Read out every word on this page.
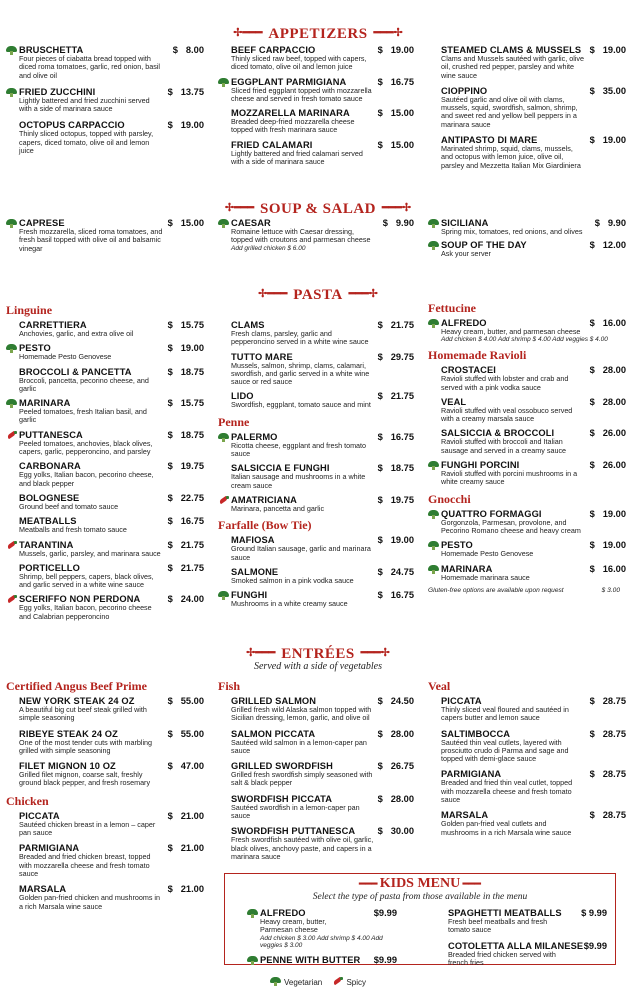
✢━━━ APPETIZERS ━━━✢
✢━━━ SOUP & SALAD ━━━✢
✢━━━ PASTA ━━━✢
✢━━━ ENTRÉES ━━━✢
Served with a side of vegetables
BRUSCHETTA	$ 8.00
Four pieces of ciabatta bread topped with diced roma tomatoes, garlic, red onion, basil and olive oil
FRIED ZUCCHINI	$ 13.75
Lightly battered and fried zucchini served with a side of marinara sauce
OCTOPUS CARPACCIO	$ 19.00
Thinly sliced octopus, topped with parsley, capers, diced tomato, olive oil and lemon juice
BEEF CARPACCIO	$ 19.00
Thinly sliced raw beef, topped with capers, diced tomato, olive oil and lemon juice
EGGPLANT PARMIGIANA	$ 16.75
Sliced fried eggplant topped with mozzarella cheese and served in fresh tomato sauce
MOZZARELLA MARINARA	$ 15.00
Breaded deep-fried mozzarella cheese topped with fresh marinara sauce
FRIED CALAMARI	$ 15.00
Lightly battered and fried calamari served with a side of marinara sauce
STEAMED CLAMS & MUSSELS $ 19.00
Clams and Mussels sautéed with garlic, olive oil, crushed red pepper, parsley and white wine sauce
CIOPPINO	$ 35.00
Sautéed garlic and olive oil with clams, mussels, squid, swordfish, salmon, shrimp, and sweet red and yellow bell peppers in a marinara sauce
ANTIPASTO DI MARE	$ 19.00
Marinated shrimp, squid, clams, mussels, and octopus with lemon juice, olive oil, parsley and Mezzetta Italian Mix Giardiniera
CAPRESE	$ 15.00
Fresh mozzarella, sliced roma tomatoes, and fresh basil topped with olive oil and balsamic vinegar
CAESAR	$ 9.90
Romaine lettuce with Caesar dressing, topped with croutons and parmesan cheese
Add grilled chicken $ 6.00
SICILIANA	$ 9.90
Spring mix, tomatoes, red onions, and olives
SOUP OF THE DAY	$ 12.00
Ask your server
Linguine
CARRETTIERA	$ 15.75
Anchovies, garlic, and extra olive oil
PESTO	$ 19.00
Homemade Pesto Genovese
BROCCOLI & PANCETTA	$ 18.75
Broccoli, pancetta, pecorino cheese, and garlic
MARINARA	$ 15.75
Peeled tomatoes, fresh Italian basil, and garlic
PUTTANESCA	$ 18.75
Peeled tomatoes, anchovies, black olives, capers, garlic, pepperoncino, and parsley
CARBONARA	$ 19.75
Egg yolks, Italian bacon, pecorino cheese, and black pepper
BOLOGNESE	$ 22.75
Ground beef and tomato sauce
MEATBALLS	$ 16.75
Meatballs and fresh tomato sauce
TARANTINA	$ 21.75
Mussels, garlic, parsley, and marinara sauce
PORTICELLO	$ 21.75
Shrimp, bell peppers, capers, black olives, and garlic served in a white wine sauce
SCERIFFO NON PERDONA	$ 24.00
Egg yolks, Italian bacon, pecorino cheese and Calabrian pepperoncino
CLAMS	$ 21.75
Fresh clams, parsley, garlic and pepperoncino served in a white wine sauce
TUTTO MARE	$ 29.75
Mussels, salmon, shrimp, clams, calamari, swordfish, and garlic served in a white wine sauce or red sauce
LIDO	$ 21.75
Swordfish, eggplant, tomato sauce and mint
Penne
PALERMO	$ 16.75
Ricotta cheese, eggplant and fresh tomato sauce
SALSICCIA E FUNGHI	$ 18.75
Italian sausage and mushrooms in a white cream sauce
AMATRICIANA	$ 19.75
Marinara, pancetta and garlic
Farfalle (Bow Tie)
MAFIOSA	$ 19.00
Ground Italian sausage, garlic and marinara sauce
SALMONE	$ 24.75
Smoked salmon in a pink vodka sauce
FUNGHI	$ 16.75
Mushrooms in a white creamy sauce
Fettucine
ALFREDO	$ 16.00
Heavy cream, butter, and parmesan cheese
Add chicken $ 4.00 Add shrimp $ 4.00 Add veggies $ 4.00
Homemade Ravioli
CROSTACEI	$ 28.00
Ravioli stuffed with lobster and crab and served with a pink vodka sauce
VEAL	$ 28.00
Ravioli stuffed with veal ossobuco served with a creamy marsala sauce
SALSICCIA & BROCCOLI	$ 26.00
Ravioli stuffed with broccoli and Italian sausage and served in a creamy sauce
FUNGHI PORCINI	$ 26.00
Ravioli stuffed with porcini mushrooms in a white creamy sauce
Gnocchi
QUATTRO FORMAGGI	$ 19.00
Gorgonzola, Parmesan, provolone, and Pecorino Romano cheese and heavy cream
PESTO	$ 19.00
Homemade Pesto Genovese
MARINARA	$ 16.00
Homemade marinara sauce
Gluten-free options are available upon request	$ 3.00
Certified Angus Beef Prime
NEW YORK STEAK 24 OZ	$ 55.00
A beautiful big cut beef steak grilled with simple seasoning
RIBEYE STEAK 24 OZ	$ 55.00
One of the most tender cuts with marbling grilled with simple seasoning
FILET MIGNON 10 OZ	$ 47.00
Grilled filet mignon, coarse salt, freshly ground black pepper, and fresh rosemary
Chicken
PICCATA	$ 21.00
Sautéed chicken breast in a lemon – caper pan sauce
PARMIGIANA	$ 21.00
Breaded and fried chicken breast, topped with mozzarella cheese and fresh tomato sauce
MARSALA	$ 21.00
Golden pan-fried chicken and mushrooms in a rich Marsala wine sauce
Fish
GRILLED SALMON	$ 24.50
Grilled fresh wild Alaska salmon topped with Sicilian dressing, lemon, garlic, and olive oil
SALMON PICCATA	$ 28.00
Sautéed wild salmon in a lemon-caper pan sauce
GRILLED SWORDFISH	$ 26.75
Grilled fresh swordfish simply seasoned with salt & black pepper
SWORDFISH PICCATA	$ 28.00
Sautéed swordfish in a lemon-caper pan sauce
SWORDFISH PUTTANESCA $ 30.00
Fresh swordfish sautéed with olive oil, garlic, black olives, anchovy paste, and capers in a marinara sauce
Veal
PICCATA	$ 28.75
Thinly sliced veal floured and sautéed in capers butter and lemon sauce
SALTIMBOCCA	$ 28.75
Sautéed thin veal cutlets, layered with prosciutto crudo di Parma and sage and topped with demi-glace sauce
PARMIGIANA	$ 28.75
Breaded and fried thin veal cutlet, topped with mozzarella cheese and fresh tomato sauce
MARSALA	$ 28.75
Golden pan-fried veal cutlets and mushrooms in a rich Marsala wine sauce
━━━ KIDS MENU ━━━
Select the type of pasta from those available in the menu
ALFREDO	$9.99
Heavy cream, butter, Parmesan cheese
Add chicken $ 3.00 Add shrimp $ 4.00 Add veggies $ 3.00
PENNE WITH BUTTER $9.99
SPAGHETTI MEATBALLS $ 9.99
Fresh beef meatballs and fresh tomato sauce
COTOLETTA ALLA MILANESE $9.99
Breaded fried chicken served with french fries
Vegetarian	Spicy
